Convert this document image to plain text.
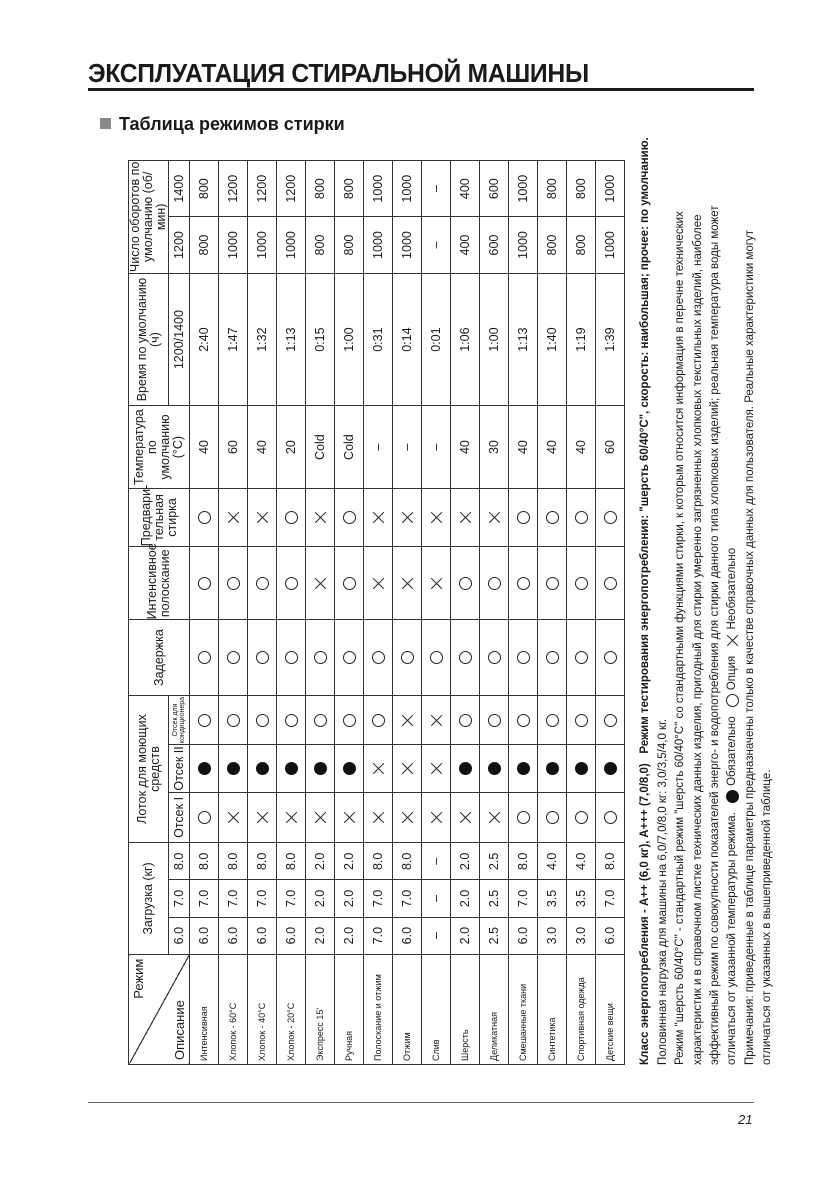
ЭКСПЛУАТАЦИЯ СТИРАЛЬНОЙ МАШИНЫ
Таблица режимов стирки
Режим
Описание	Загрузка (кг)			Лоток для моющих средств			Задержка	Интенсивное полоскание	Предвари- тельная стирка	Температура по умолчанию (°C)	Время по умолчанию (ч)	Число оборотов по умолчанию (об/мин)	
	6.0	7.0	8.0	Отсек I	Отсек II	Отсек для кондиционера					1200/1400	1200	1400
Интенсивная	6.0	7.0	8.0							40	2:40	800	800
Хлопок - 60°C	6.0	7.0	8.0							60	1:47	1000	1200
Хлопок - 40°C	6.0	7.0	8.0							40	1:32	1000	1200
Хлопок - 20°C	6.0	7.0	8.0							20	1:13	1000	1200
Экспресс 15'	2.0	2.0	2.0							Cold	0:15	800	800
Ручная	2.0	2.0	2.0							Cold	1:00	800	800
Полоскание и отжим	7.0	7.0	8.0							–	0:31	1000	1000
Отжим	6.0	7.0	8.0							–	0:14	1000	1000
Слив	–	–	–							–	0:01	–	–
Шерсть	2.0	2.0	2.0							40	1:06	400	400
Деликатная	2.5	2.5	2.5							30	1:00	600	600
Смешанные ткани	6.0	7.0	8.0							40	1:13	1000	1000
Синтетика	3.0	3.5	4.0							40	1:40	800	800
Спортивная одежда	3.0	3.5	4.0							40	1:19	800	800
Детские вещи	6.0	7.0	8.0							60	1:39	1000	1000

Класс энергопотребления - A++ (6,0 кг), A+++ (7,0/8,0)   Режим тестирования энергопотребления: "шерсть 60/40°C", скорость: наибольшая; прочее: по умолчанию.

Половинная нагрузка для машины на 6,0/7,0/8,0 кг: 3,0/3,5/4,0 кг. Режим "шерсть 60/40°C" - стандартный режим "шерсть 60/40°C" со стандартными функциями стирки, к которым относится информация в перечне технических характеристик и в справочном листке технических данных изделия, пригодный для стирки умеренно загрязненных хлопковых текстильных изделий, наиболее эффективный режим по совокупности показателей энерго- и водопотребления для стирки данного типа хлопковых изделий; реальная температура воды может отличаться от указанной температуры режима. Обязательно Опция Необязательно Примечания: приведенные в таблице параметры предназначены только в качестве справочных данных для пользователя. Реальные характеристики могут отличаться от указанных в вышеприведенной таблице.

21
